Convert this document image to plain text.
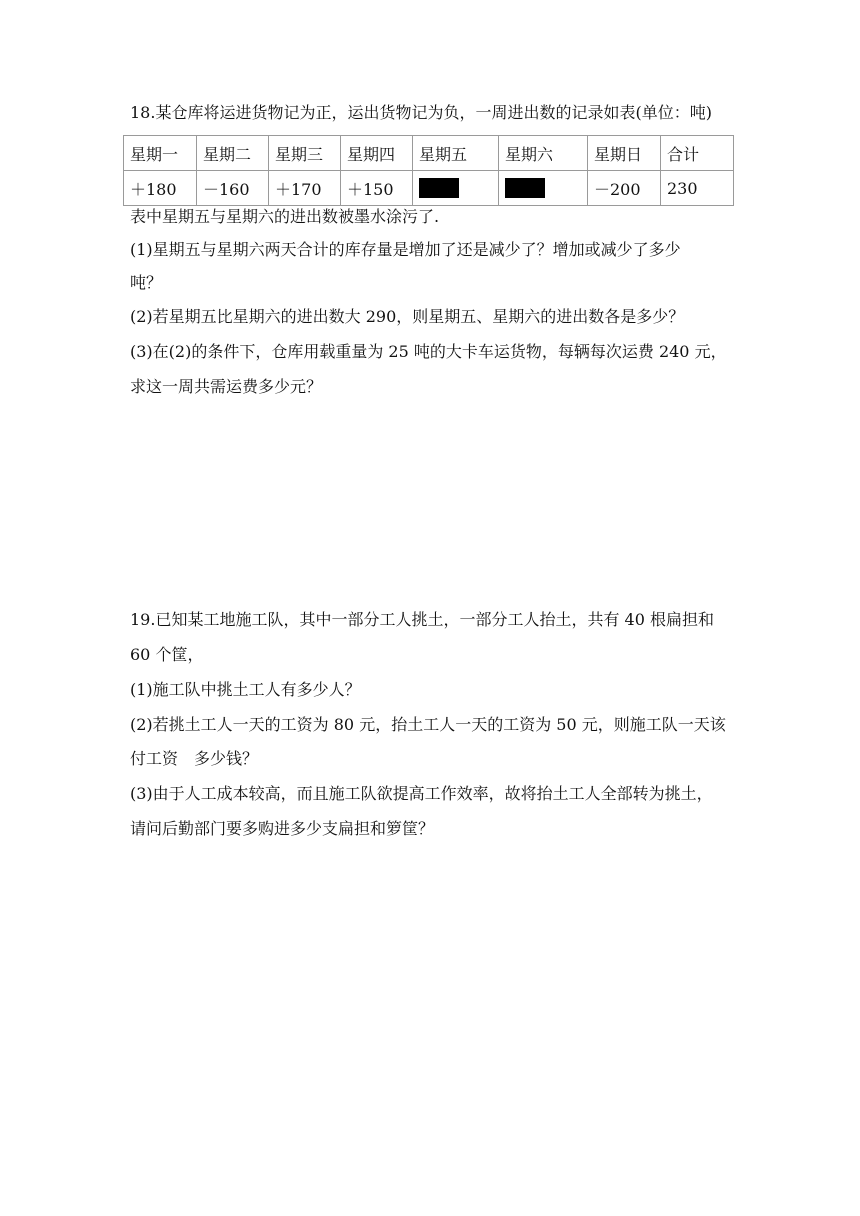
18.某仓库将运进货物记为正，运出货物记为负，一周进出数的记录如表(单位：吨)
星期一	星期二	星期三	星期四	星期五	星期六	星期日	合计
＋180	－160	＋170	＋150			－200	230
表中星期五与星期六的进出数被墨水涂污了.
(1)星期五与星期六两天合计的库存量是增加了还是减少了？增加或减少了多少
吨？
(2)若星期五比星期六的进出数大 290，则星期五、星期六的进出数各是多少？
(3)在(2)的条件下，仓库用载重量为 25 吨的大卡车运货物，每辆每次运费 240 元，
求这一周共需运费多少元？
19.已知某工地施工队，其中一部分工人挑土，一部分工人抬土，共有 40 根扁担和
60 个筐，
(1)施工队中挑土工人有多少人？
(2)若挑土工人一天的工资为 80 元，抬土工人一天的工资为 50 元，则施工队一天该
付工资　多少钱？
(3)由于人工成本较高，而且施工队欲提高工作效率，故将抬土工人全部转为挑土，
请问后勤部门要多购进多少支扁担和箩筐？
